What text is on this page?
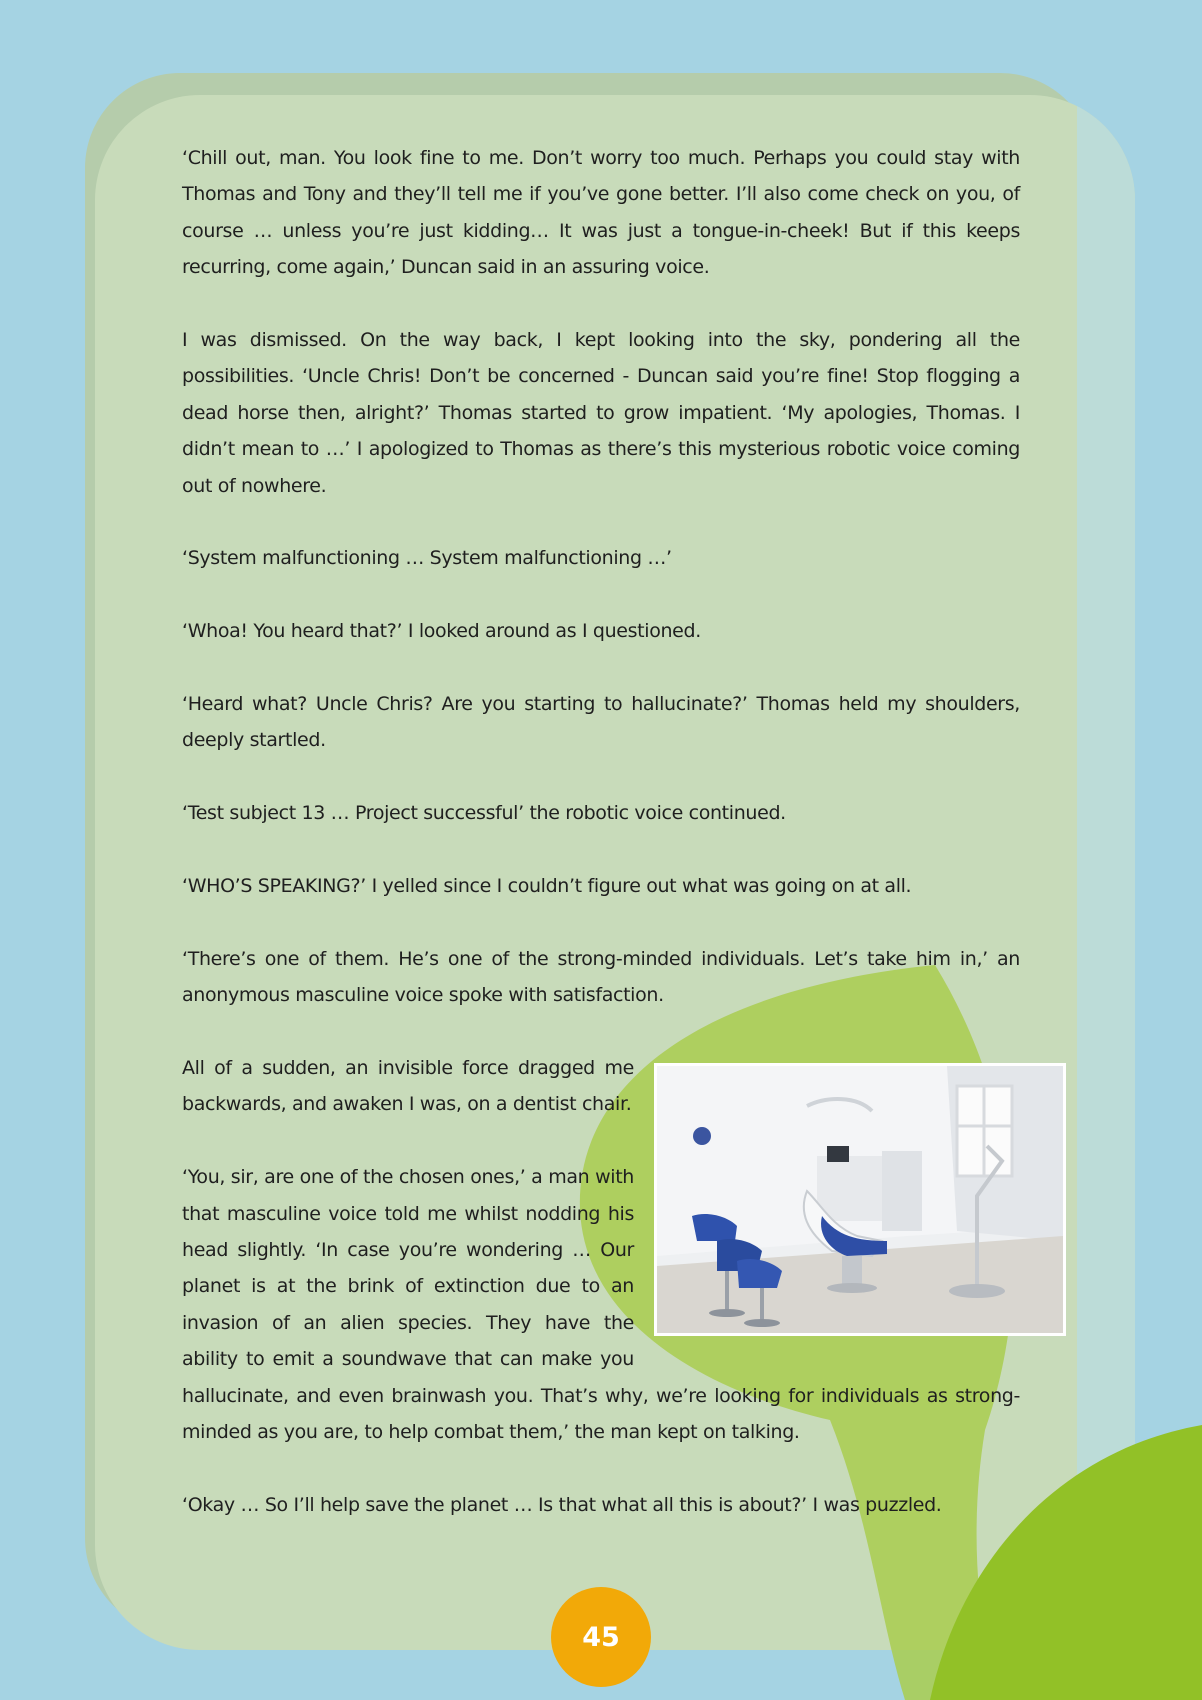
‘Chill out, man. You look fine to me. Don’t worry too much. Perhaps you could stay with Thomas and Tony and they’ll tell me if you’ve gone better. I’ll also come check on you, of course … unless you’re just kidding… It was just a tongue-in-cheek! But if this keeps recurring, come again,’ Duncan said in an assuring voice.

I was dismissed. On the way back, I kept looking into the sky, pondering all the possibilities. ‘Uncle Chris! Don’t be concerned - Duncan said you’re fine! Stop flogging a dead horse then, alright?’ Thomas started to grow impatient. ‘My apologies, Thomas. I didn’t mean to …’ I apologized to Thomas as there’s this mysterious robotic voice coming out of nowhere.

‘System malfunctioning … System malfunctioning …’

‘Whoa! You heard that?’ I looked around as I questioned.

‘Heard what? Uncle Chris? Are you starting to hallucinate?’ Thomas held my shoulders, deeply startled.

‘Test subject 13 … Project successful’ the robotic voice continued.

‘WHO’S SPEAKING?’ I yelled since I couldn’t figure out what was going on at all.

‘There’s one of them. He’s one of the strong-minded individuals. Let’s take him in,’ an anonymous masculine voice spoke with satisfaction.

All of a sudden, an invisible force dragged me backwards, and awaken I was, on a dentist chair.

‘You, sir, are one of the chosen ones,’ a man with that masculine voice told me whilst nodding his head slightly. ‘In case you’re wondering … Our planet is at the brink of extinction due to an invasion of an alien species. They have the ability to emit a soundwave that can make you hallucinate, and even brainwash you. That’s why, we’re looking for individuals as strong-minded as you are, to help combat them,’ the man kept on talking.

‘Okay … So I’ll help save the planet … Is that what all this is about?’ I was puzzled.

45
